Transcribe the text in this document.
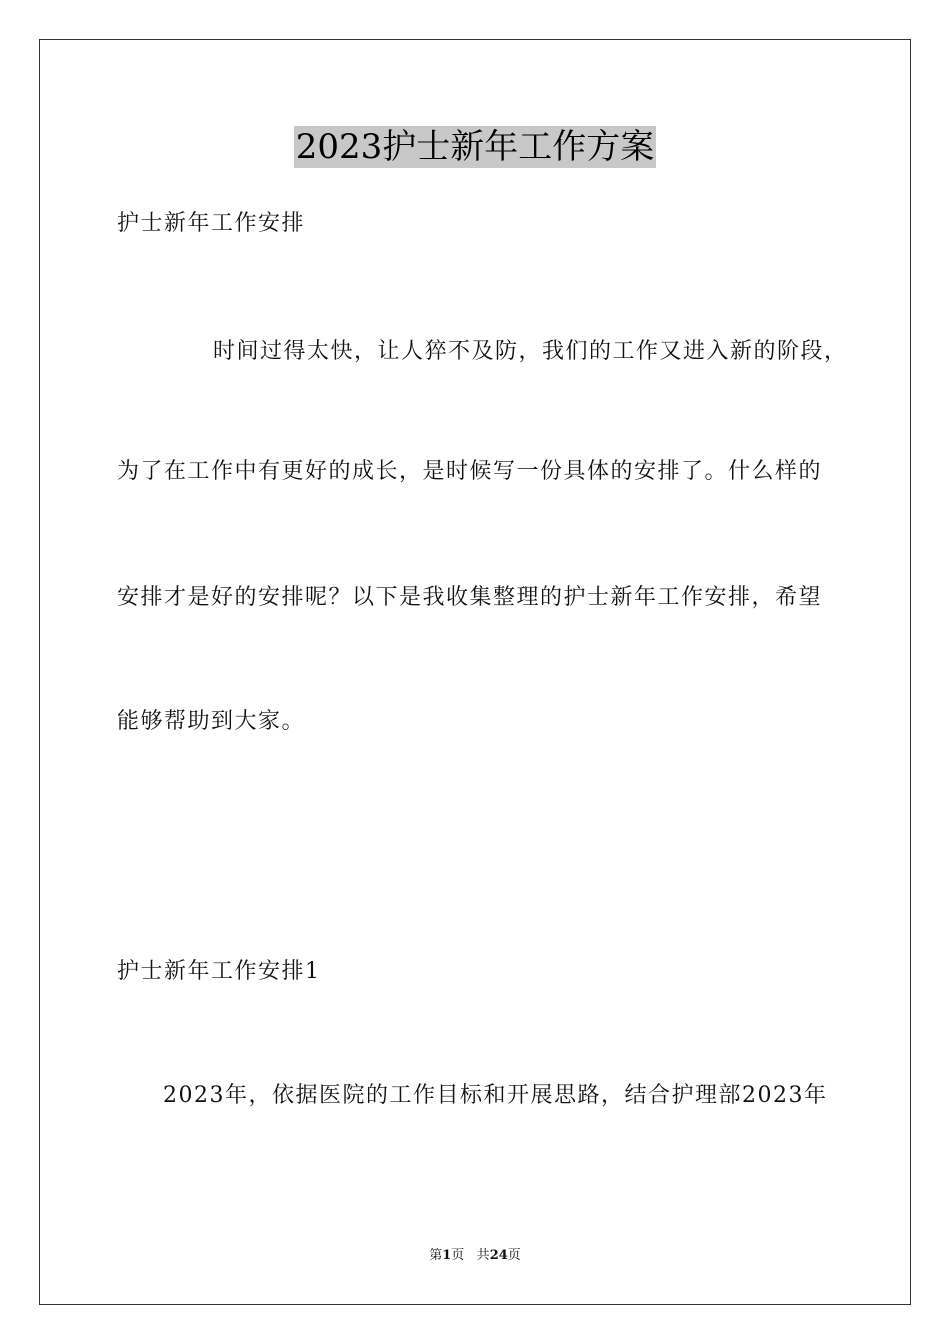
2023护士新年工作方案
护士新年工作安排
时间过得太快，让人猝不及防，我们的工作又进入新的阶段，
为了在工作中有更好的成长，是时候写一份具体的安排了。什么样的
安排才是好的安排呢？以下是我收集整理的护士新年工作安排，希望
能够帮助到大家。
护士新年工作安排1
2023年，依据医院的工作目标和开展思路，结合护理部2023年
第1页 共24页
